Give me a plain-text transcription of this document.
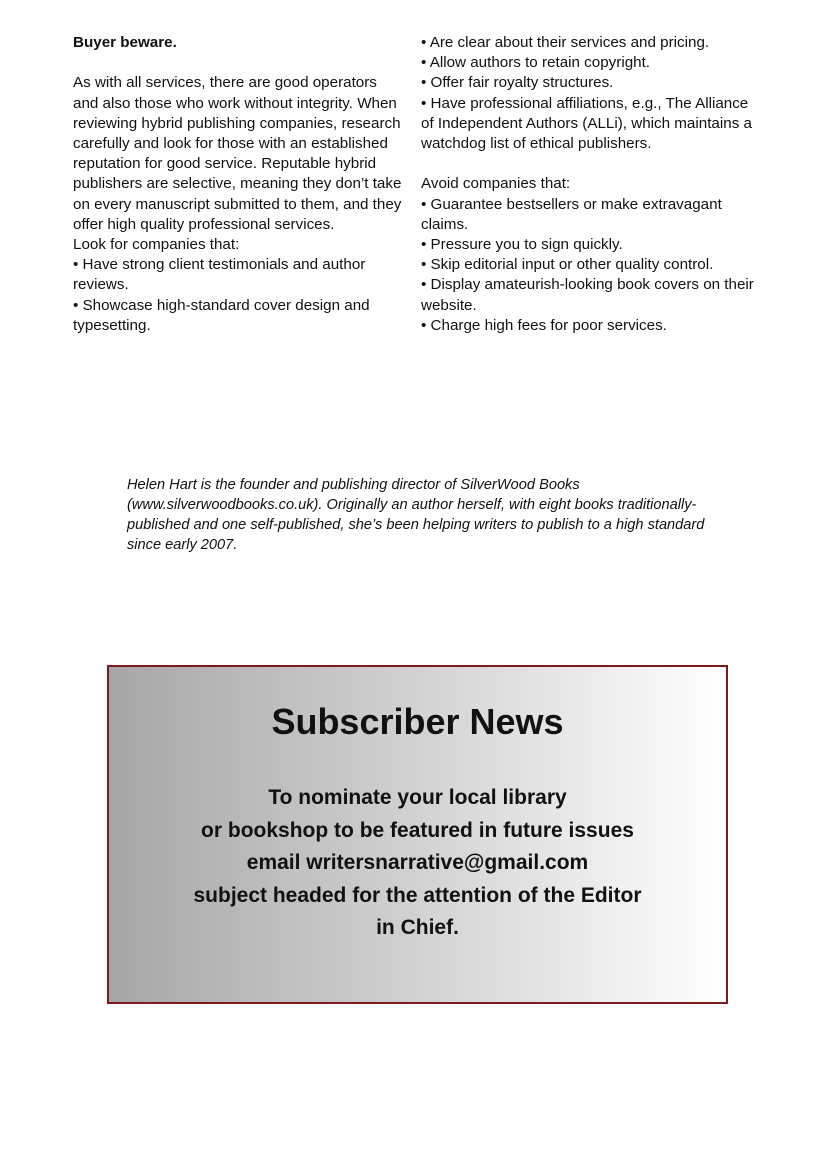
Buyer beware.

As with all services, there are good operators and also those who work without integrity. When reviewing hybrid publishing companies, research carefully and look for those with an established reputation for good service. Reputable hybrid publishers are selective, meaning they don’t take on every manuscript submitted to them, and they offer high quality professional services.

Look for companies that:

• Have strong client testimonials and author reviews.

• Showcase high-standard cover design and typesetting.

• Are clear about their services and pricing.

• Allow authors to retain copyright.

• Offer fair royalty structures.

• Have professional affiliations, e.g., The Alliance of Independent Authors (ALLi), which maintains a watchdog list of ethical publishers.

Avoid companies that:

• Guarantee bestsellers or make extravagant claims.

• Pressure you to sign quickly.

• Skip editorial input or other quality control.

• Display amateurish-looking book covers on their website.

• Charge high fees for poor services.

Helen Hart is the founder and publishing director of SilverWood Books (www.silverwoodbooks.co.uk). Originally an author herself, with eight books traditionally-published and one self-published, she’s been helping writers to publish to a high standard since early 2007.

Subscriber News
To nominate your local library
or bookshop to be featured in future issues
email writersnarrative@gmail.com
subject headed for the attention of the Editor
in Chief.
